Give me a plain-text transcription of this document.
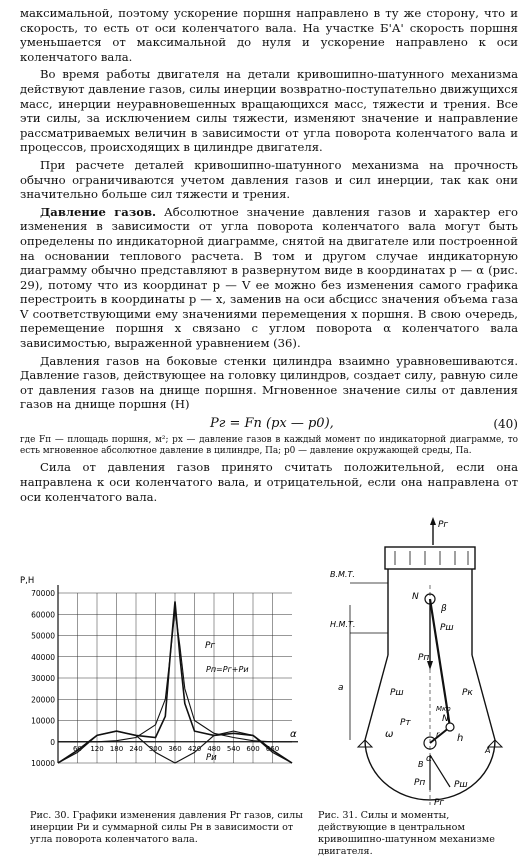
максимальной, поэтому ускорение поршня направлено в ту же сторону, что и скорость, то есть от оси коленчатого вала. На участке Б'А' скорость поршня уменьшается от максимальной до нуля и ускорение направлено к оси коленчатого вала.

Во время работы двигателя на детали кривошипно-шатунного механизма действуют давление газов, силы инерции возвратно-поступательно движущихся масс, инерции неуравновешенных вращающихся масс, тяжести и трения. Все эти силы, за исключением силы тяжести, изменяют значение и направление рассматриваемых величин в зависимости от угла поворота коленчатого вала и процессов, происходящих в цилиндре двигателя.

При расчете деталей кривошипно-шатунного механизма на прочность обычно ограничиваются учетом давления газов и сил инерции, так как они значительно больше сил тяжести и трения.

Давление газов. Абсолютное значение давления газов и характер его изменения в зависимости от угла поворота коленчатого вала могут быть определены по индикаторной диаграмме, снятой на двигателе или построенной на основании теплового расчета. В том и другом случае индикаторную диаграмму обычно представляют в развернутом виде в координатах p — α (рис. 29), потому что из координат p — V ее можно без изменения самого графика перестроить в координаты p — x, заменив на оси абсцисс значения объема газа V соответствующими ему значениями перемещения x поршня. В свою очередь, перемещение поршня x связано с углом поворота α коленчатого вала зависимостью, выраженной уравнением (36).

Давления газов на боковые стенки цилиндра взаимно уравновешиваются. Давление газов, действующее на головку цилиндров, создает силу, равную силе от давления газов на днище поршня. Мгновенное значение силы от давления газов на днище поршня (Н)

Pг = Fп (px — p0),	(40)

где Fп — площадь поршня, м²; px — давление газов в каждый момент по индикаторной диаграмме, то есть мгновенное абсолютное давление в цилиндре, Па; p0 — давление окружающей среды, Па.

Сила от давления газов принято считать положительной, если она направлена к оси коленчатого вала, и отрицательной, если она направлена от оси коленчатого вала.

10000
0
10000
20000
30000
40000
50000
60000
70000
60 120 180 240 300 360 420 480 540 600 660
P,H
α
Pг
Pп=Pг+Pи
Pи
Pг
В.М.Т.
Н.М.Т.
a
N
β
Pп
Pш
Pш	Pк
Pт
ω	h
N
Mкр
r
α
B
A
Pп	Pш
Pг

Рис. 30. Графики изменения давления Pг газов, силы инерции Pи и суммарной силы Pн в зависимости от угла поворота коленчатого вала.

Рис. 31. Силы и моменты, действующие в центральном кривошипно-шатунном механизме двигателя.
